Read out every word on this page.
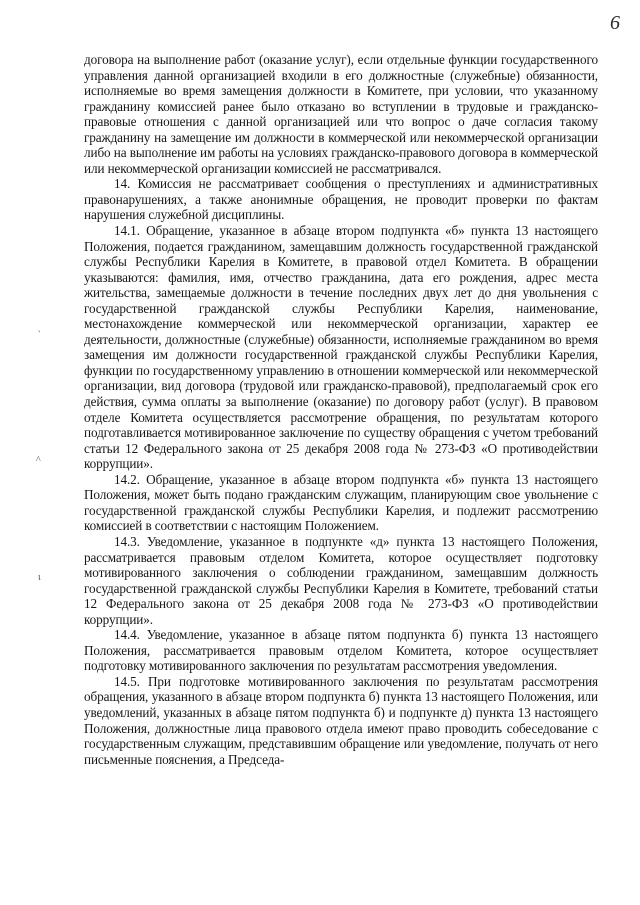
6
‵
^
ι

договора на выполнение работ (оказание услуг), если отдельные функции государственного управления данной организацией входили в его должностные (служебные) обязанности, исполняемые во время замещения должности в Комитете, при условии, что указанному гражданину комиссией ранее было отказано во вступлении в трудовые и гражданско-правовые отношения с данной организацией или что вопрос о даче согласия такому гражданину на замещение им должности в коммерческой или некоммерческой организации либо на выполнение им работы на условиях гражданско-правового договора в коммерческой или некоммерческой организации комиссией не рассматривался.

14. Комиссия не рассматривает сообщения о преступлениях и административных правонарушениях, а также анонимные обращения, не проводит проверки по фактам нарушения служебной дисциплины.

14.1. Обращение, указанное в абзаце втором подпункта «б» пункта 13 настоящего Положения, подается гражданином, замещавшим должность государственной гражданской службы Республики Карелия в Комитете, в правовой отдел Комитета. В обращении указываются: фамилия, имя, отчество гражданина, дата его рождения, адрес места жительства, замещаемые должности в течение последних двух лет до дня увольнения с государственной гражданской службы Республики Карелия, наименование, местонахождение коммерческой или некоммерческой организации, характер ее деятельности, должностные (служебные) обязанности, исполняемые гражданином во время замещения им должности государственной гражданской службы Республики Карелия, функции по государственному управлению в отношении коммерческой или некоммерческой организации, вид договора (трудовой или гражданско-правовой), предполагаемый срок его действия, сумма оплаты за выполнение (оказание) по договору работ (услуг). В правовом отделе Комитета осуществляется рассмотрение обращения, по результатам которого подготавливается мотивированное заключение по существу обращения с учетом требований статьи 12 Федерального закона от 25 декабря 2008 года № 273-ФЗ «О противодействии коррупции».

14.2. Обращение, указанное в абзаце втором подпункта «б» пункта 13 настоящего Положения, может быть подано гражданским служащим, планирующим свое увольнение с государственной гражданской службы Республики Карелия, и подлежит рассмотрению комиссией в соответствии с настоящим Положением.

14.3. Уведомление, указанное в подпункте «д» пункта 13 настоящего Положения, рассматривается правовым отделом Комитета, которое осуществляет подготовку мотивированного заключения о соблюдении гражданином, замещавшим должность государственной гражданской службы Республики Карелия в Комитете, требований статьи 12 Федерального закона от 25 декабря 2008 года № 273-ФЗ «О противодействии коррупции».

14.4. Уведомление, указанное в абзаце пятом подпункта б) пункта 13 настоящего Положения, рассматривается правовым отделом Комитета, которое осуществляет подготовку мотивированного заключения по результатам рассмотрения уведомления.

14.5. При подготовке мотивированного заключения по результатам рассмотрения обращения, указанного в абзаце втором подпункта б) пункта 13 настоящего Положения, или уведомлений, указанных в абзаце пятом подпункта б) и подпункте д) пункта 13 настоящего Положения, должностные лица правового отдела имеют право проводить собеседование с государственным служащим, представившим обращение или уведомление, получать от него письменные пояснения, а Председа-
